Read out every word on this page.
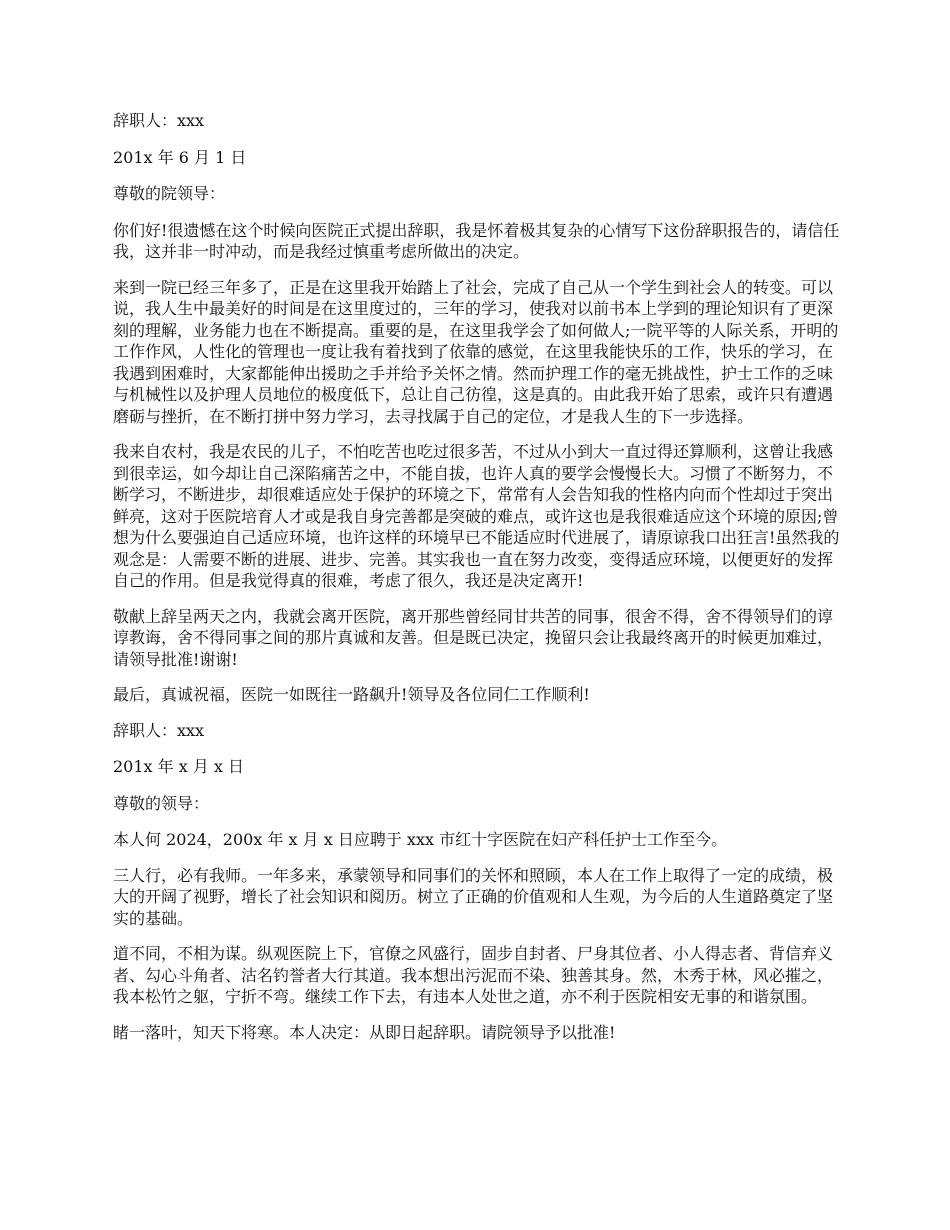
辞职人：xxx

201x 年 6 月 1 日

尊敬的院领导：

你们好!很遗憾在这个时候向医院正式提出辞职，我是怀着极其复杂的心情写下这份辞职报告的，请信任我，这并非一时冲动，而是我经过慎重考虑所做出的决定。

来到一院已经三年多了，正是在这里我开始踏上了社会，完成了自己从一个学生到社会人的转变。可以说，我人生中最美好的时间是在这里度过的，三年的学习，使我对以前书本上学到的理论知识有了更深刻的理解，业务能力也在不断提高。重要的是，在这里我学会了如何做人;一院平等的人际关系，开明的工作作风，人性化的管理也一度让我有着找到了依靠的感觉，在这里我能快乐的工作，快乐的学习，在我遇到困难时，大家都能伸出援助之手并给予关怀之情。然而护理工作的毫无挑战性，护士工作的乏味与机械性以及护理人员地位的极度低下，总让自己彷徨，这是真的。由此我开始了思索，或许只有遭遇磨砺与挫折，在不断打拼中努力学习，去寻找属于自己的定位，才是我人生的下一步选择。

我来自农村，我是农民的儿子，不怕吃苦也吃过很多苦，不过从小到大一直过得还算顺利，这曾让我感到很幸运，如今却让自己深陷痛苦之中，不能自拔，也许人真的要学会慢慢长大。习惯了不断努力，不断学习，不断进步，却很难适应处于保护的环境之下，常常有人会告知我的性格内向而个性却过于突出鲜亮，这对于医院培育人才或是我自身完善都是突破的难点，或许这也是我很难适应这个环境的原因;曾想为什么要强迫自己适应环境，也许这样的环境早已不能适应时代进展了，请原谅我口出狂言!虽然我的观念是：人需要不断的进展、进步、完善。其实我也一直在努力改变，变得适应环境，以便更好的发挥自己的作用。但是我觉得真的很难，考虑了很久，我还是决定离开!

敬献上辞呈两天之内，我就会离开医院，离开那些曾经同甘共苦的同事，很舍不得，舍不得领导们的谆谆教诲，舍不得同事之间的那片真诚和友善。但是既已决定，挽留只会让我最终离开的时候更加难过，请领导批准!谢谢!

最后，真诚祝福，医院一如既往一路飙升!领导及各位同仁工作顺利!

辞职人：xxx

201x 年 x 月 x 日

尊敬的领导：

本人何 2024，200x 年 x 月 x 日应聘于 xxx 市红十字医院在妇产科任护士工作至今。

三人行，必有我师。一年多来，承蒙领导和同事们的关怀和照顾，本人在工作上取得了一定的成绩，极大的开阔了视野，增长了社会知识和阅历。树立了正确的价值观和人生观，为今后的人生道路奠定了坚实的基础。

道不同，不相为谋。纵观医院上下，官僚之风盛行，固步自封者、尸身其位者、小人得志者、背信弃义者、勾心斗角者、沽名钓誉者大行其道。我本想出污泥而不染、独善其身。然，木秀于林，风必摧之，我本松竹之躯，宁折不弯。继续工作下去，有违本人处世之道，亦不利于医院相安无事的和谐氛围。

睹一落叶，知天下将寒。本人决定：从即日起辞职。请院领导予以批准!
